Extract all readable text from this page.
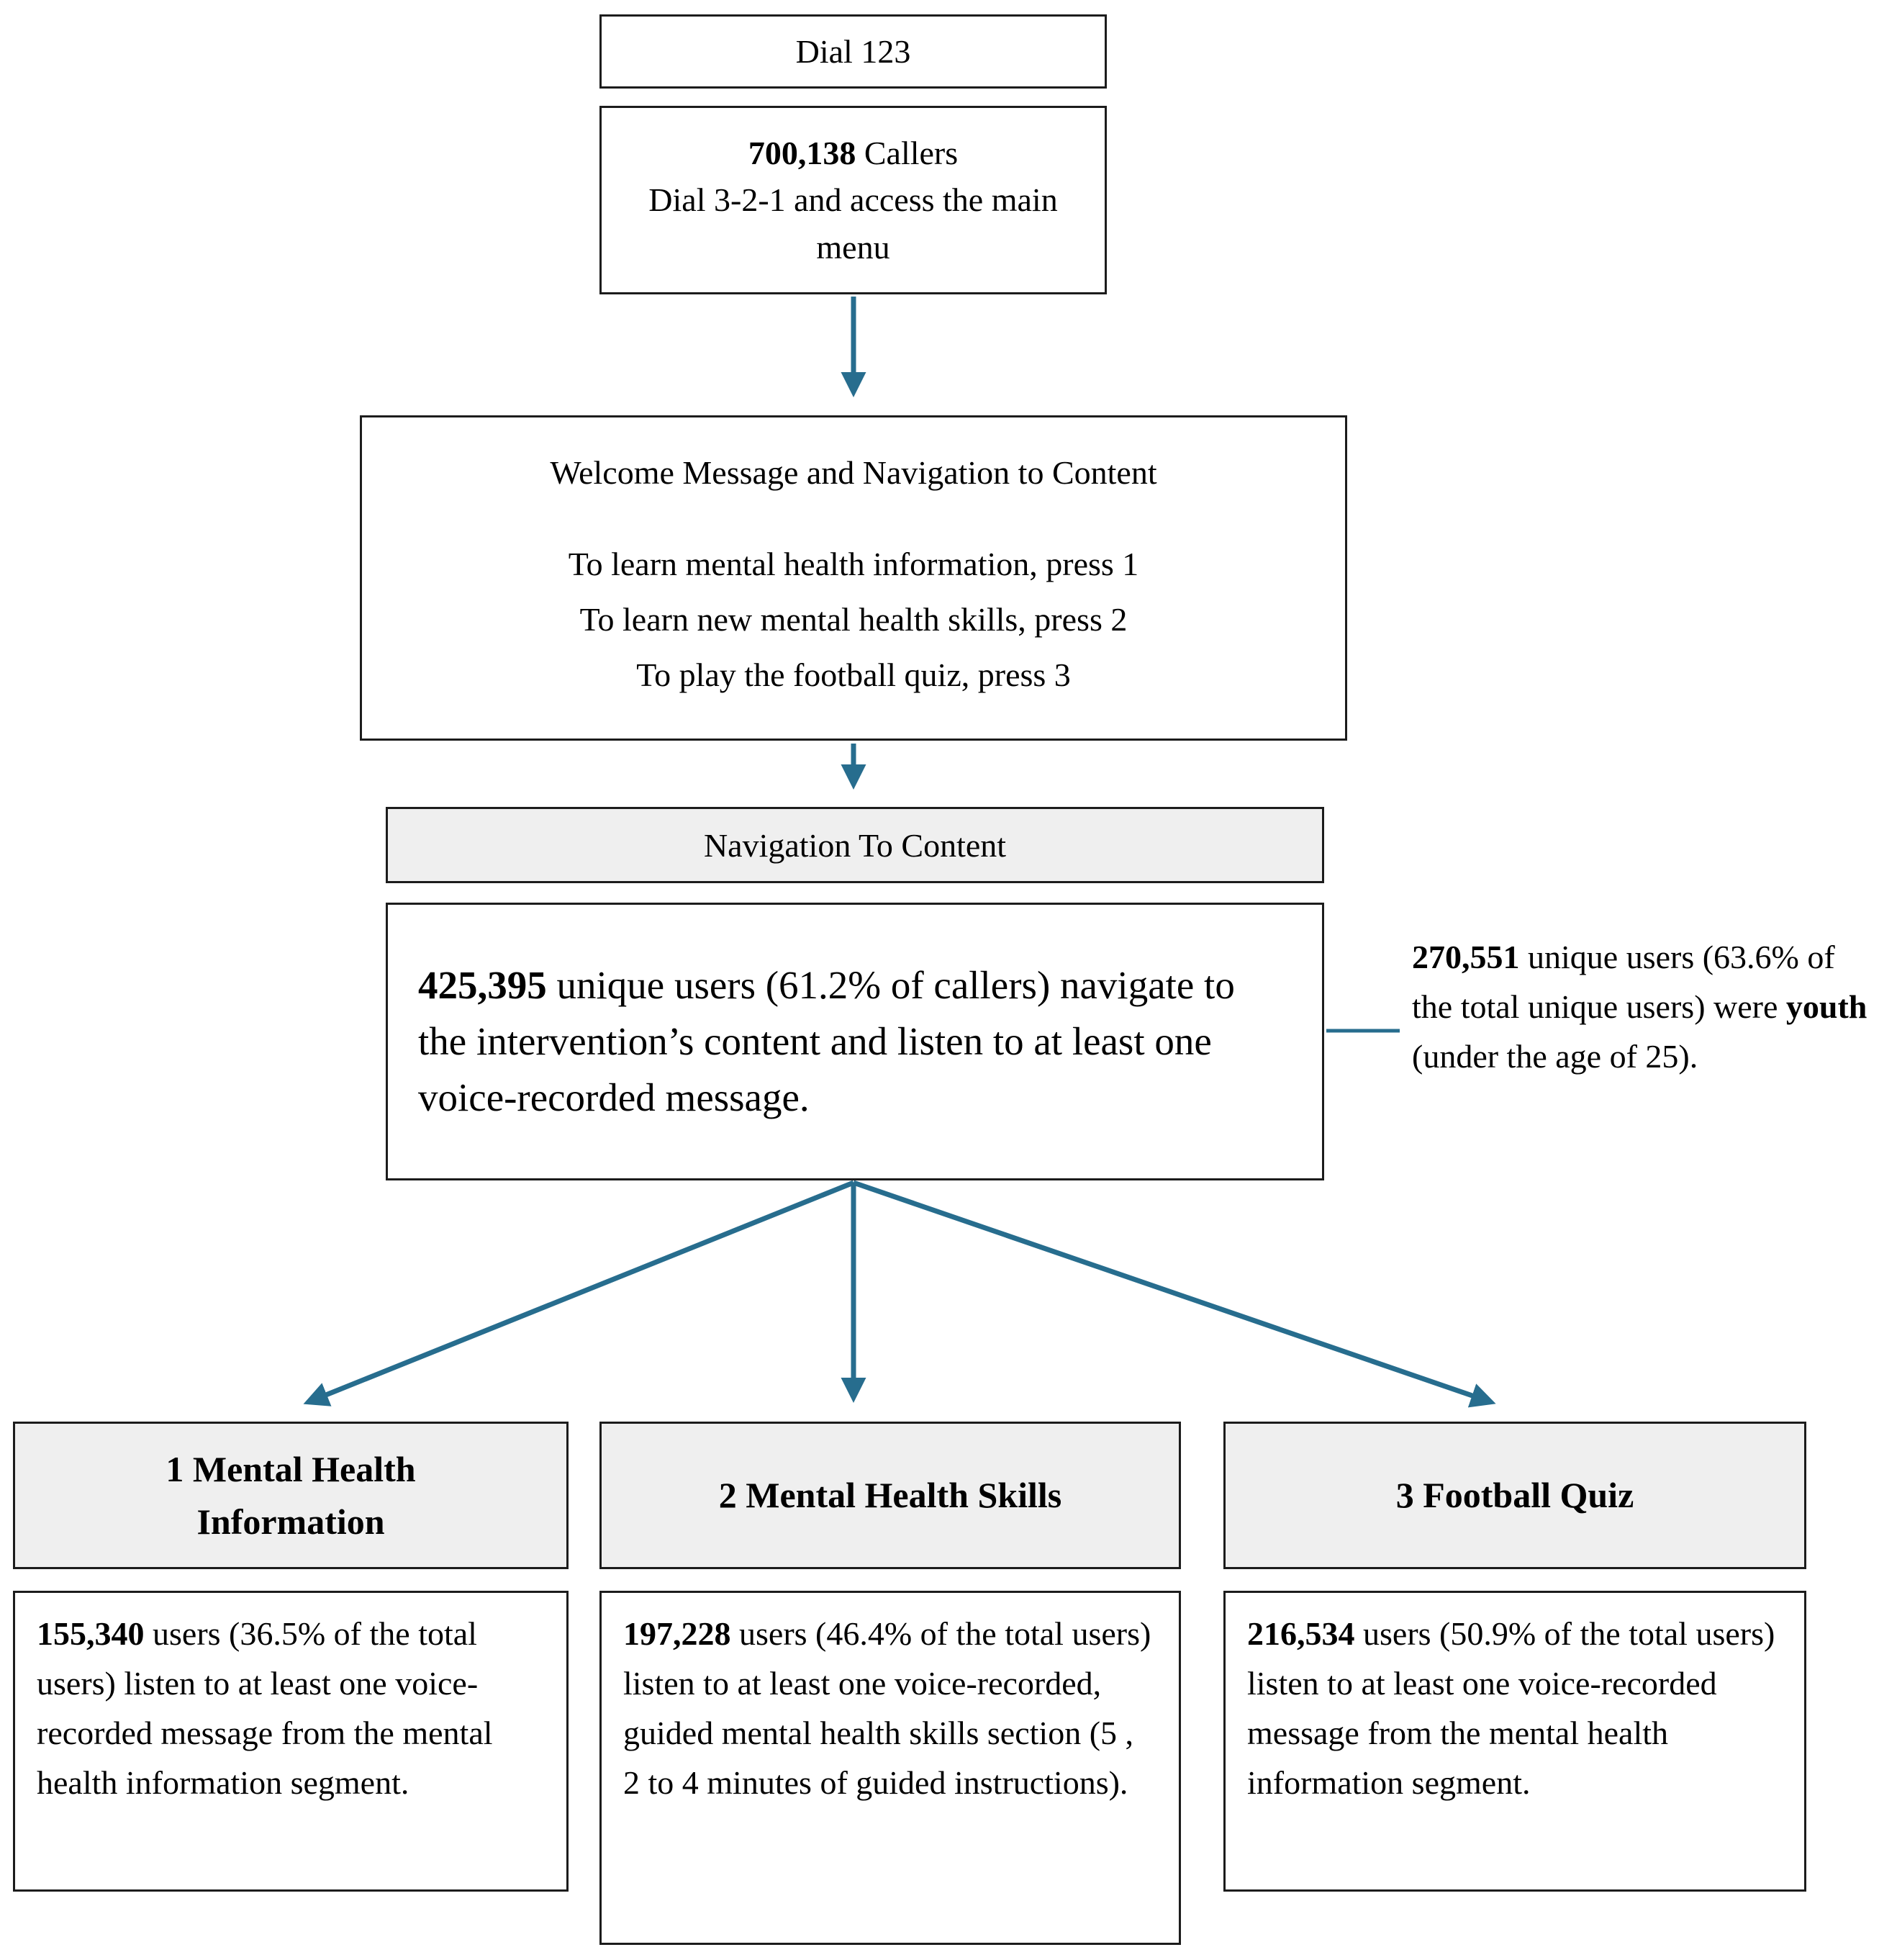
Dial 123

700,138 Callers

Dial 3-2-1 and access the main menu

Welcome Message and Navigation to Content

To learn mental health information, press 1

To learn new mental health skills, press 2

To play the football quiz, press 3

Navigation To Content

425,395 unique users (61.2% of callers) navigate to the intervention’s content and listen to at least one voice-recorded message.

270,551 unique users (63.6% of the total unique users) were youth (under the age of 25).

1 Mental Health Information

2 Mental Health Skills	3 Football Quiz

155,340 users (36.5% of the total users) listen to at least one voice-recorded message from the mental health information segment.

197,228 users (46.4% of the total users) listen to at least one voice-recorded, guided mental health skills section (5 , 2 to 4 minutes of guided instructions).

216,534 users (50.9% of the total users) listen to at least one voice-recorded message from the mental health information segment.
